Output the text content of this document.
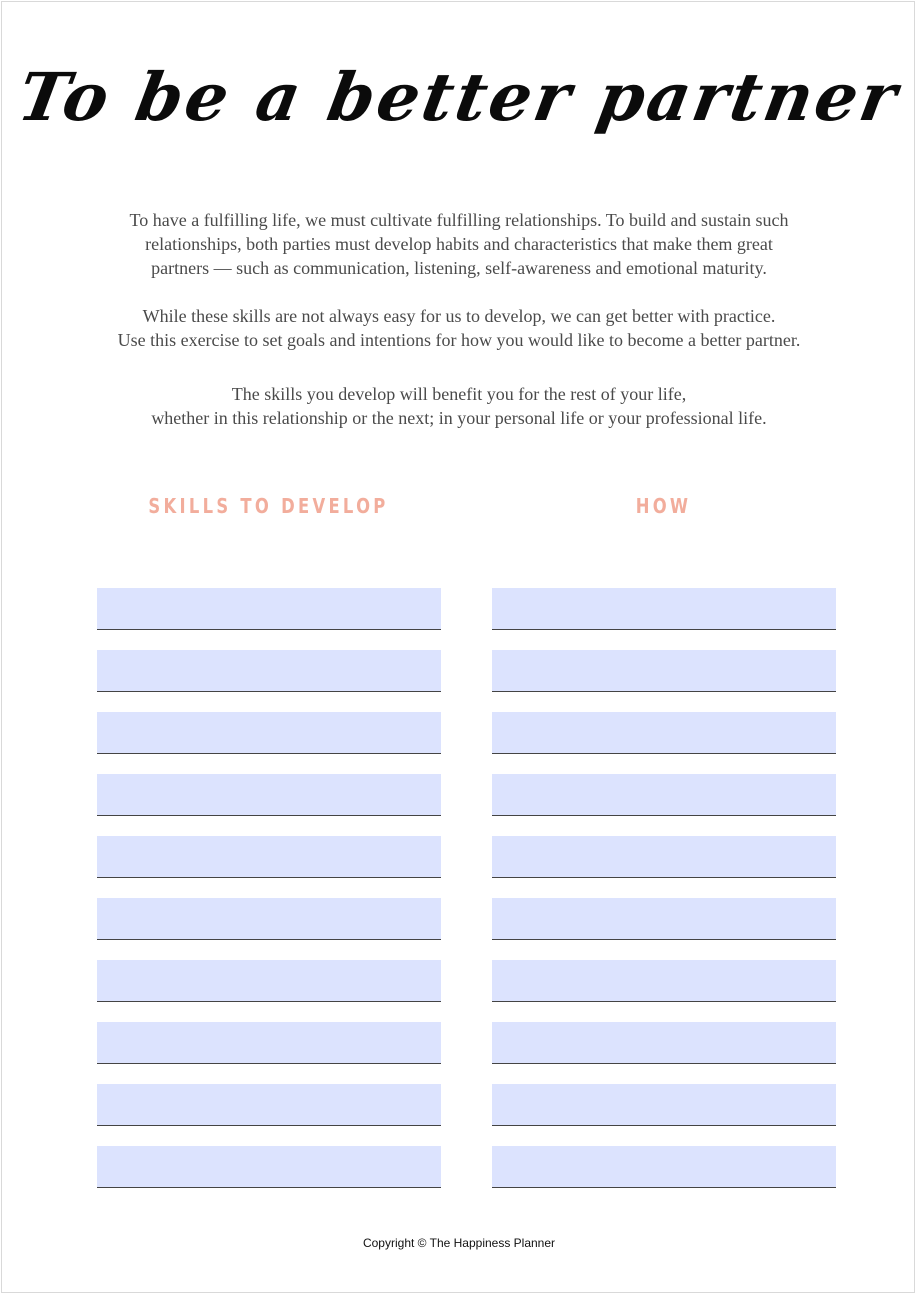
To be a better partner
To have a fulfilling life, we must cultivate fulfilling relationships. To build and sustain such
relationships, both parties must develop habits and characteristics that make them great
partners — such as communication, listening, self-awareness and emotional maturity.
While these skills are not always easy for us to develop, we can get better with practice.
Use this exercise to set goals and intentions for how you would like to become a better partner.
The skills you develop will benefit you for the rest of your life,
whether in this relationship or the next; in your personal life or your professional life.
SKILLS TO DEVELOP	HOW
Copyright © The Happiness Planner
